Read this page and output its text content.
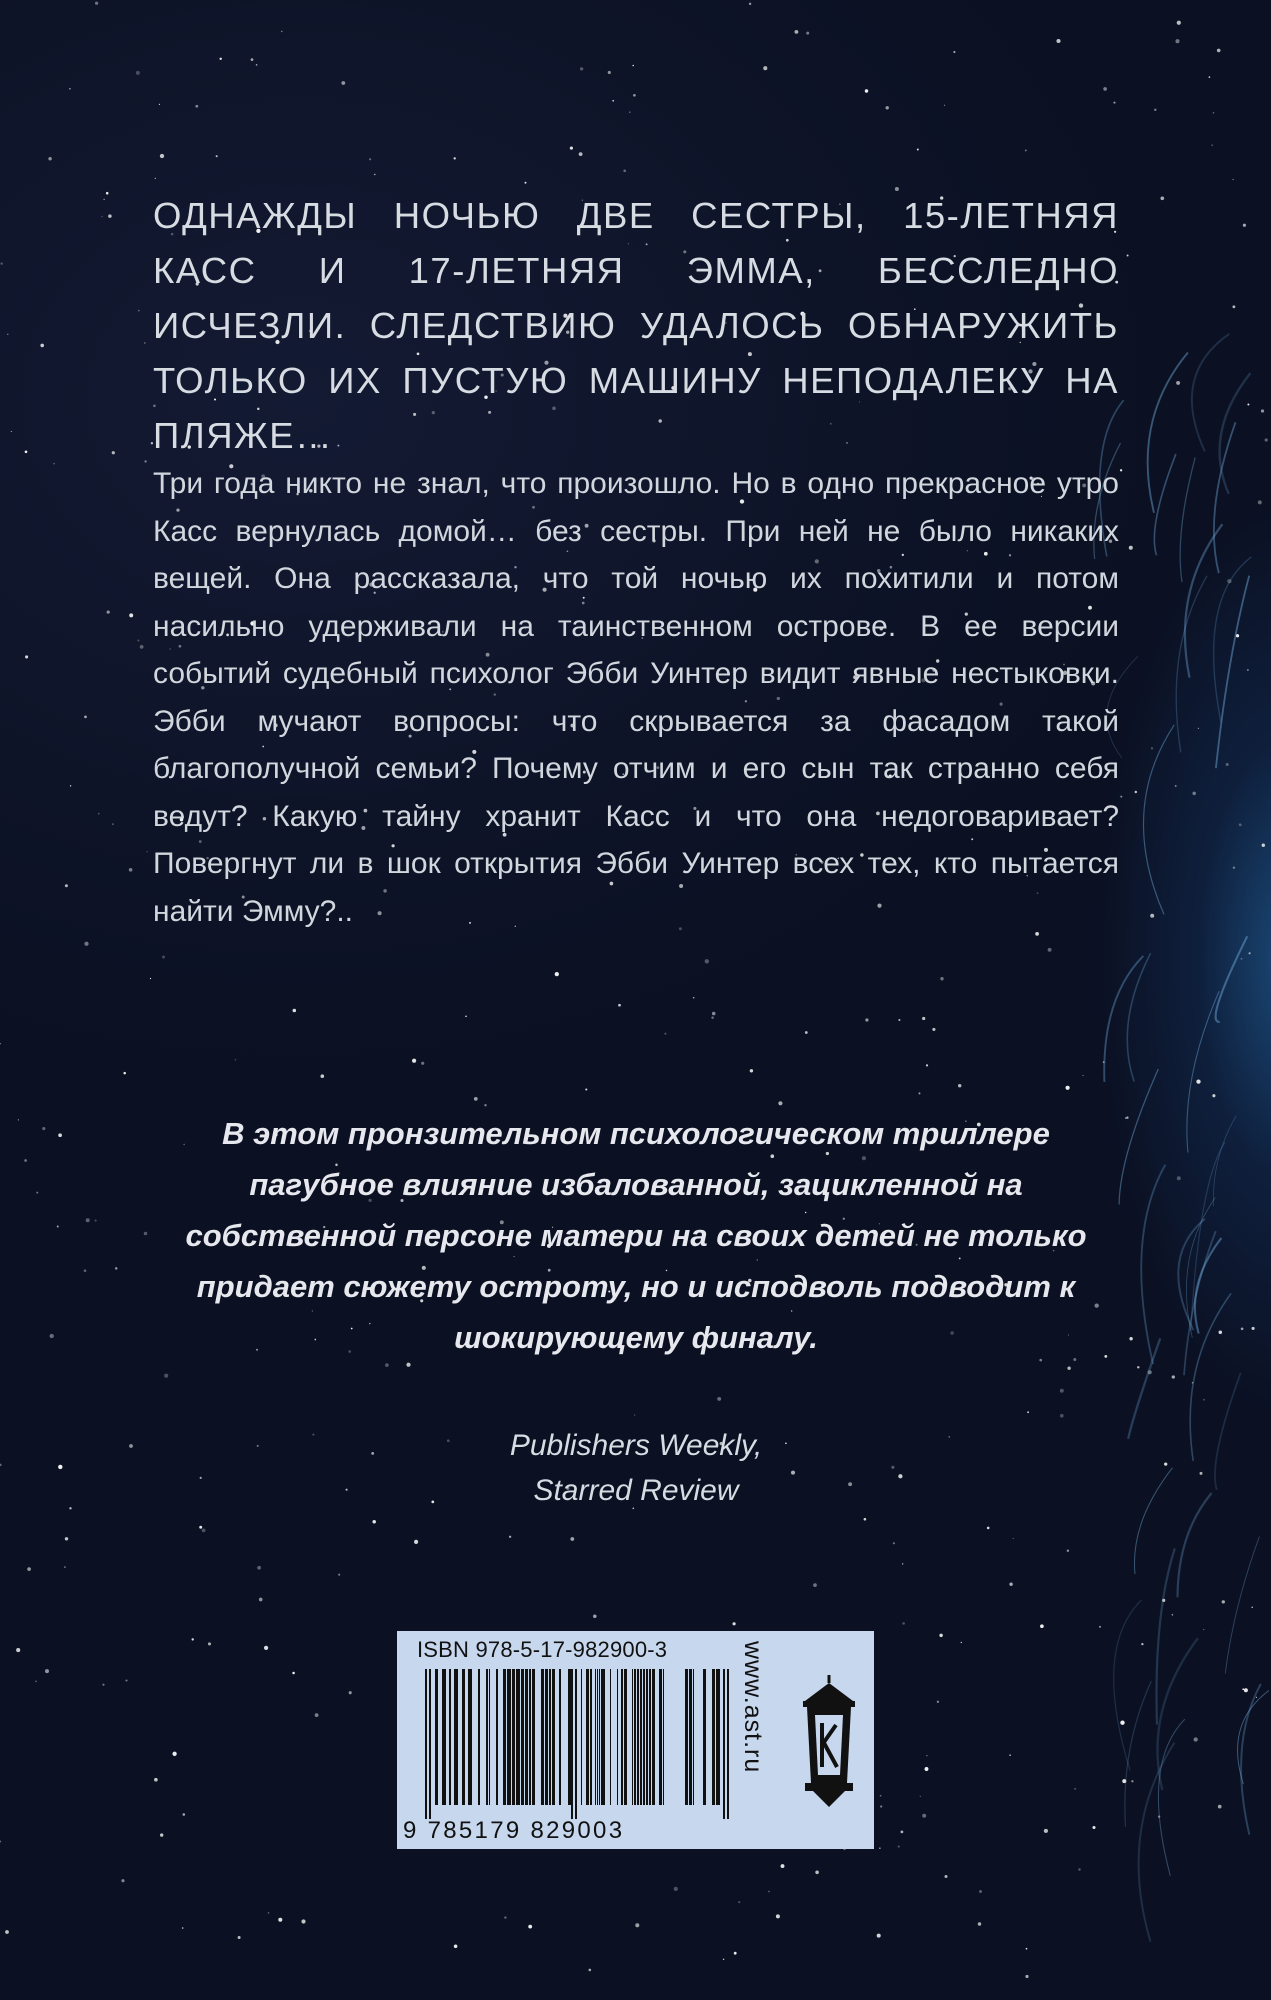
ОДНАЖДЫ НОЧЬЮ ДВЕ СЕСТРЫ, 15-ЛЕТНЯЯ КАСС И 17-ЛЕТНЯЯ ЭММА, БЕССЛЕДНО ИСЧЕЗЛИ. СЛЕДСТВИЮ УДАЛОСЬ ОБНАРУЖИТЬ ТОЛЬКО ИХ ПУСТУЮ МАШИНУ НЕПОДАЛЕКУ НА ПЛЯЖЕ…

Три года никто не знал, что произошло. Но в одно прекрасное утро Касс вернулась домой… без сестры. При ней не было никаких вещей. Она рассказала, что той ночью их похитили и потом насильно удерживали на таинственном острове. В ее версии событий судебный психолог Эбби Уинтер видит явные нестыковки. Эбби мучают вопросы: что скрывается за фасадом такой благополучной семьи? Почему отчим и его сын так странно себя ведут? Какую тайну хранит Касс и что она недоговаривает? Повергнут ли в шок открытия Эбби Уинтер всех тех, кто пытается найти Эмму?..

В этом пронзительном психологическом триллере пагубное влияние избалованной, зацикленной на собственной персоне матери на своих детей не только придает сюжету остроту, но и исподволь подводит к шокирующему финалу.

Publishers Weekly,
Starred Review

ISBN 978-5-17-982900-3
9 785179 829003
www.ast.ru
